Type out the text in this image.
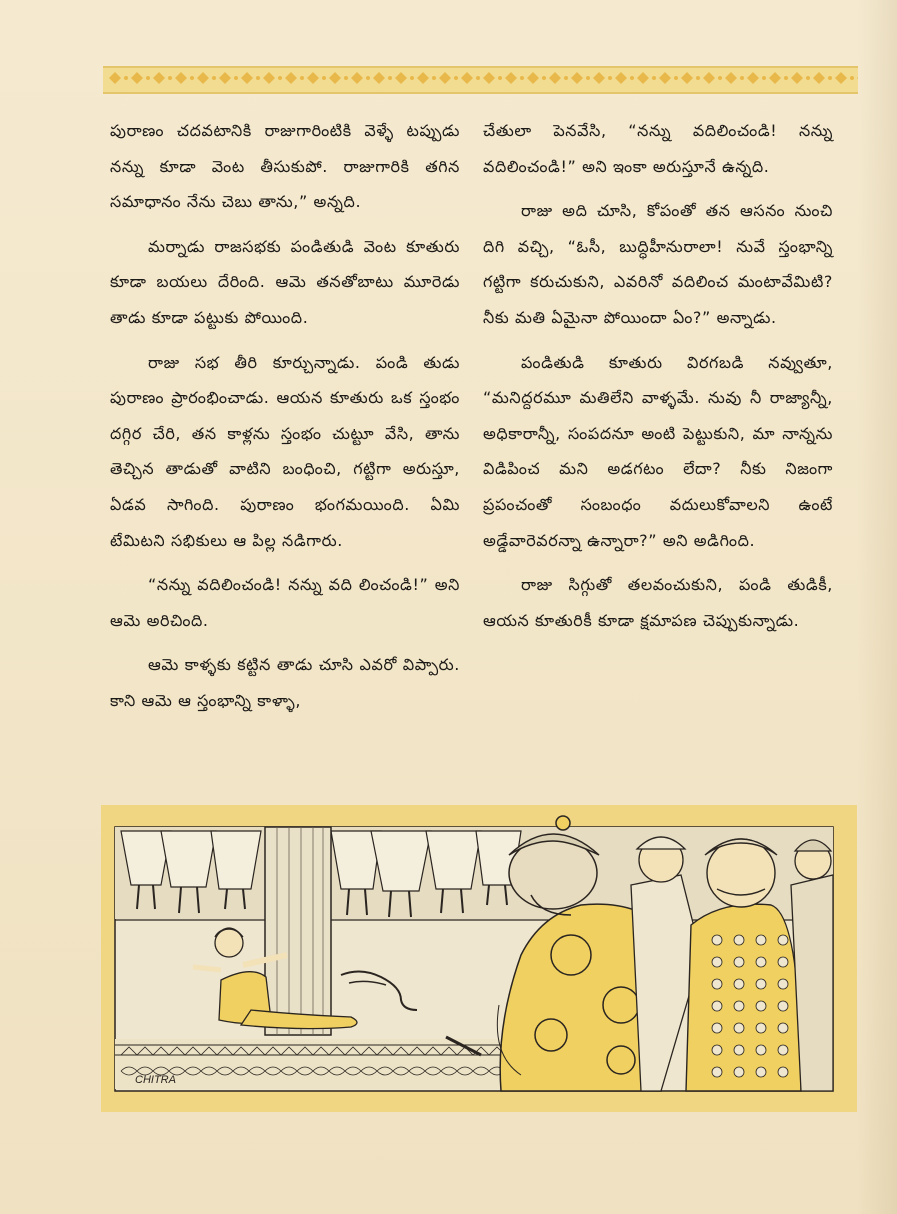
పురాణం చదవటానికి రాజుగారింటికి వెళ్ళే టప్పుడు నన్ను కూడా వెంట తీసుకుపో. రాజుగారికి తగిన సమాధానం నేను చెబు తాను,” అన్నది.

మర్నాడు రాజసభకు పండితుడి వెంట కూతురు కూడా బయలు దేరింది. ఆమె తనతోబాటు మూరెడు తాడు కూడా పట్టుకు పోయింది.

రాజు సభ తీరి కూర్చున్నాడు. పండి తుడు పురాణం ప్రారంభించాడు. ఆయన కూతురు ఒక స్తంభం దగ్గిర చేరి, తన కాళ్లను స్తంభం చుట్టూ వేసి, తాను తెచ్చిన తాడుతో వాటిని బంధించి, గట్టిగా అరుస్తూ, ఏడవ సాగింది. పురాణం భంగమయింది. ఏమి టేమిటని సభికులు ఆ పిల్ల నడిగారు.

“నన్ను వదిలించండి! నన్ను వది లించండి!” అని ఆమె అరిచింది.

ఆమె కాళ్ళకు కట్టిన తాడు చూసి ఎవరో విప్పారు. కాని ఆమె ఆ స్తంభాన్ని కాళ్ళా,

చేతులా పెనవేసి, “నన్ను వదిలించండి! నన్ను వదిలించండి!” అని ఇంకా అరుస్తూనే ఉన్నది.

రాజు అది చూసి, కోపంతో తన ఆసనం నుంచి దిగి వచ్చి, “ఓసీ, బుద్ధిహీనురాలా! నువే స్తంభాన్ని గట్టిగా కరుచుకుని, ఎవరినో వదిలించ మంటావేమిటి? నీకు మతి ఏమైనా పోయిందా ఏం?” అన్నాడు.

పండితుడి కూతురు విరగబడి నవ్వుతూ, “మనిద్దరమూ మతిలేని వాళ్ళమే. నువు నీ రాజ్యాన్నీ, అధికారాన్నీ, సంపదనూ అంటి పెట్టుకుని, మా నాన్నను విడిపించ మని అడగటం లేదా? నీకు నిజంగా ప్రపంచంతో సంబంధం వదులుకోవాలని ఉంటే అడ్డేవారెవరన్నా ఉన్నారా?” అని అడిగింది.

రాజు సిగ్గుతో తలవంచుకుని, పండి తుడికీ, ఆయన కూతురికీ కూడా క్షమాపణ చెప్పుకున్నాడు.

CHITRA
